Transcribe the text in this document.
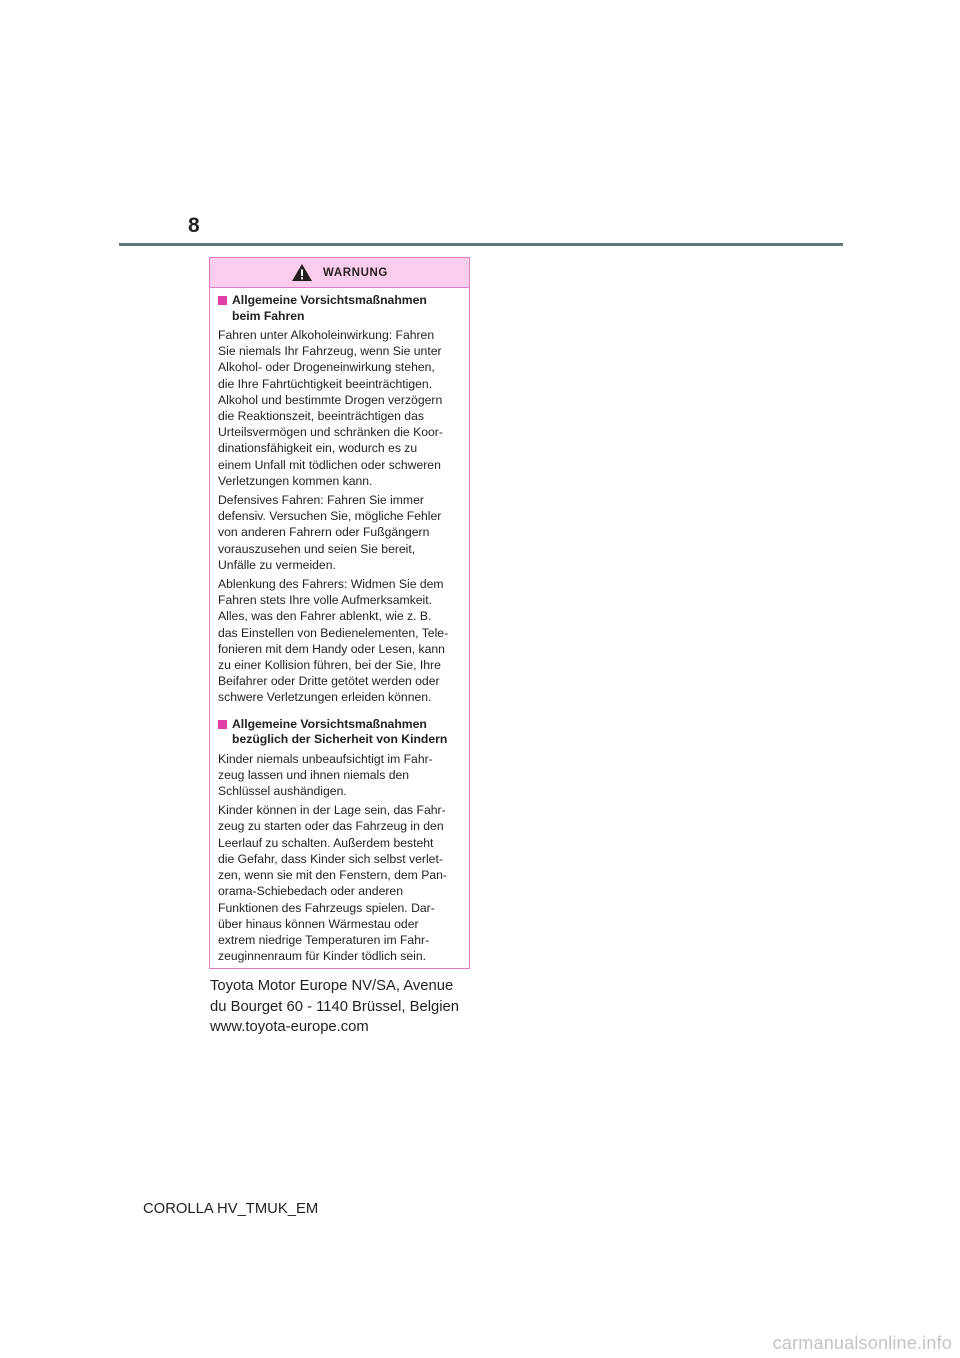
8
WARNUNG
Allgemeine Vorsichtsmaßnahmen
beim Fahren

Fahren unter Alkoholeinwirkung: Fahren
Sie niemals Ihr Fahrzeug, wenn Sie unter
Alkohol- oder Drogeneinwirkung stehen,
die Ihre Fahrtüchtigkeit beeinträchtigen.
Alkohol und bestimmte Drogen verzögern
die Reaktionszeit, beeinträchtigen das
Urteilsvermögen und schränken die Koor-
dinationsfähigkeit ein, wodurch es zu
einem Unfall mit tödlichen oder schweren
Verletzungen kommen kann.

Defensives Fahren: Fahren Sie immer
defensiv. Versuchen Sie, mögliche Fehler
von anderen Fahrern oder Fußgängern
vorauszusehen und seien Sie bereit,
Unfälle zu vermeiden.

Ablenkung des Fahrers: Widmen Sie dem
Fahren stets Ihre volle Aufmerksamkeit.
Alles, was den Fahrer ablenkt, wie z. B.
das Einstellen von Bedienelementen, Tele-
fonieren mit dem Handy oder Lesen, kann
zu einer Kollision führen, bei der Sie, Ihre
Beifahrer oder Dritte getötet werden oder
schwere Verletzungen erleiden können.

Allgemeine Vorsichtsmaßnahmen
bezüglich der Sicherheit von Kindern

Kinder niemals unbeaufsichtigt im Fahr-
zeug lassen und ihnen niemals den
Schlüssel aushändigen.

Kinder können in der Lage sein, das Fahr-
zeug zu starten oder das Fahrzeug in den
Leerlauf zu schalten. Außerdem besteht
die Gefahr, dass Kinder sich selbst verlet-
zen, wenn sie mit den Fenstern, dem Pan-
orama-Schiebedach oder anderen
Funktionen des Fahrzeugs spielen. Dar-
über hinaus können Wärmestau oder
extrem niedrige Temperaturen im Fahr-
zeuginnenraum für Kinder tödlich sein.

Toyota Motor Europe NV/SA, Avenue
du Bourget 60 - 1140 Brüssel, Belgien
www.toyota-europe.com
COROLLA HV_TMUK_EM
carmanualsonline.info
